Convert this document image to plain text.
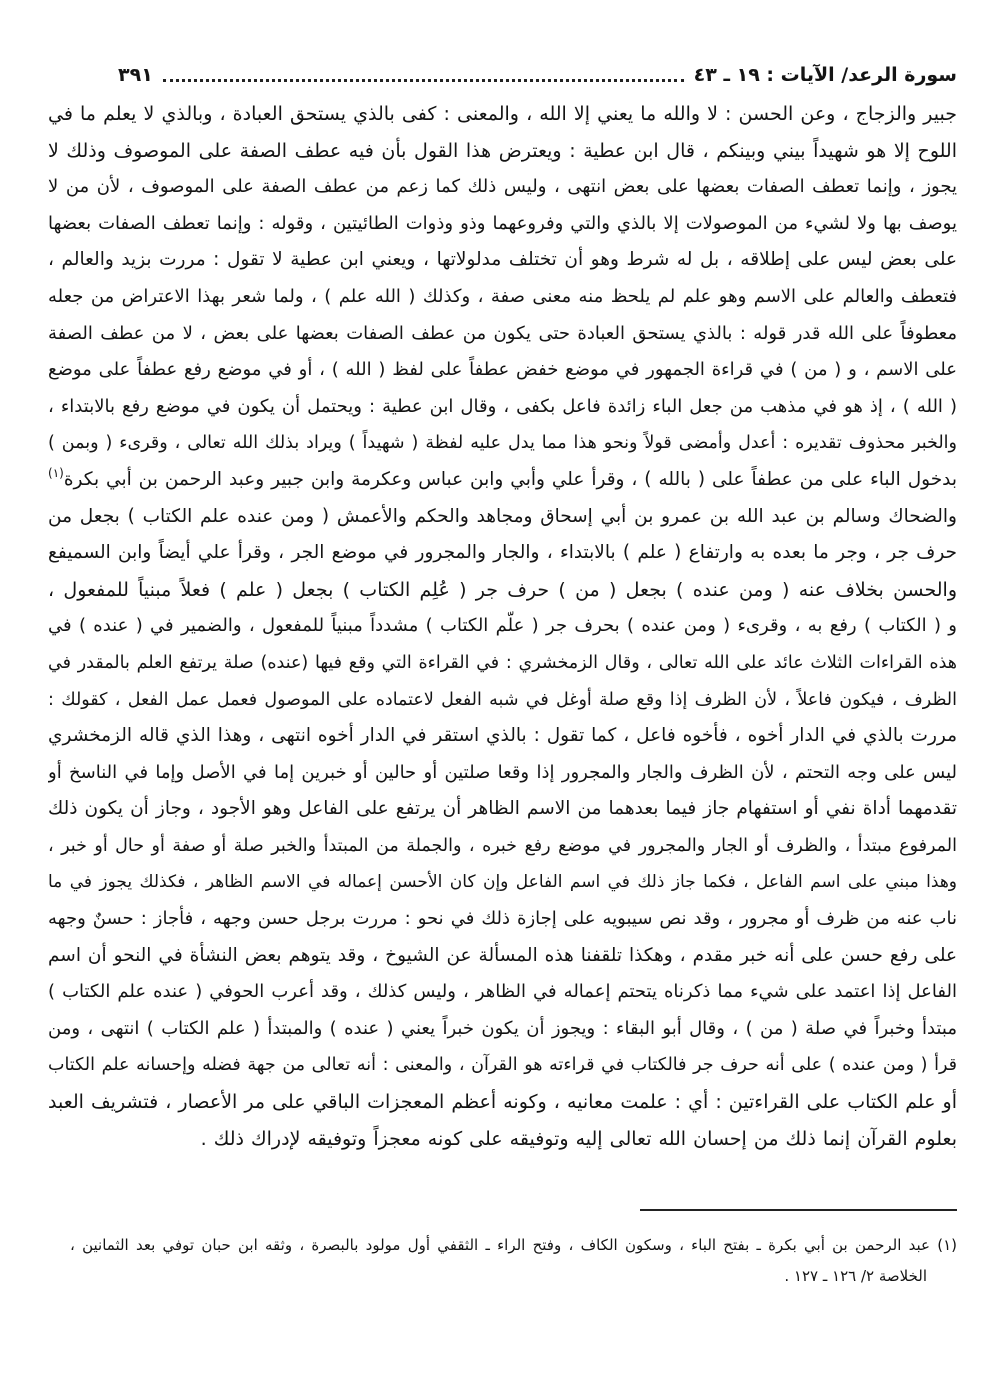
سورة الرعد/ الآيات : ١٩ ـ ٤٣
٣٩١
جبير والزجاج ، وعن الحسن : لا والله ما يعني إلا الله ، والمعنى : كفى بالذي يستحق العبادة ، وبالذي لا يعلم ما في
اللوح إلا هو شهيداً بيني وبينكم ، قال ابن عطية : ويعترض هذا القول بأن فيه عطف الصفة على الموصوف وذلك لا
يجوز ، وإنما تعطف الصفات بعضها على بعض انتهى ، وليس ذلك كما زعم من عطف الصفة على الموصوف ، لأن من لا
يوصف بها ولا لشيء من الموصولات إلا بالذي والتي وفروعهما وذو وذوات الطائيتين ، وقوله : وإنما تعطف الصفات بعضها
على بعض ليس على إطلاقه ، بل له شرط وهو أن تختلف مدلولاتها ، ويعني ابن عطية لا تقول : مررت بزيد والعالم ،
فتعطف والعالم على الاسم وهو علم لم يلحظ منه معنى صفة ، وكذلك ( الله علم ) ، ولما شعر بهذا الاعتراض من جعله
معطوفاً على الله قدر قوله : بالذي يستحق العبادة حتى يكون من عطف الصفات بعضها على بعض ، لا من عطف الصفة
على الاسم ، و ( من ) في قراءة الجمهور في موضع خفض عطفاً على لفظ ( الله ) ، أو في موضع رفع عطفاً على موضع
( الله ) ، إذ هو في مذهب من جعل الباء زائدة فاعل بكفى ، وقال ابن عطية : ويحتمل أن يكون في موضع رفع بالابتداء ،
والخبر محذوف تقديره : أعدل وأمضى قولاً ونحو هذا مما يدل عليه لفظة ( شهيداً ) ويراد بذلك الله تعالى ، وقرىء ( وبمن )
بدخول الباء على من عطفاً على ( بالله ) ، وقرأ علي وأبي وابن عباس وعكرمة وابن جبير وعبد الرحمن بن أبي بكرة$^{(١)}$
والضحاك وسالم بن عبد الله بن عمرو بن أبي إسحاق ومجاهد والحكم والأعمش ( ومن عنده علم الكتاب ) بجعل من
حرف جر ، وجر ما بعده به وارتفاع ( علم ) بالابتداء ، والجار والمجرور في موضع الجر ، وقرأ علي أيضاً وابن السميفع
والحسن بخلاف عنه ( ومن عنده ) بجعل ( من ) حرف جر ( عُلِم الكتاب ) بجعل ( علم ) فعلاً مبنياً للمفعول ،
و ( الكتاب ) رفع به ، وقرىء ( ومن عنده ) بحرف جر ( علّم الكتاب ) مشدداً مبنياً للمفعول ، والضمير في ( عنده ) في
هذه القراءات الثلاث عائد على الله تعالى ، وقال الزمخشري : في القراءة التي وقع فيها (عنده) صلة يرتفع العلم بالمقدر في
الظرف ، فيكون فاعلاً ، لأن الظرف إذا وقع صلة أوغل في شبه الفعل لاعتماده على الموصول فعمل عمل الفعل ، كقولك :
مررت بالذي في الدار أخوه ، فأخوه فاعل ، كما تقول : بالذي استقر في الدار أخوه انتهى ، وهذا الذي قاله الزمخشري
ليس على وجه التحتم ، لأن الظرف والجار والمجرور إذا وقعا صلتين أو حالين أو خبرين إما في الأصل وإما في الناسخ أو
تقدمهما أداة نفي أو استفهام جاز فيما بعدهما من الاسم الظاهر أن يرتفع على الفاعل وهو الأجود ، وجاز أن يكون ذلك
المرفوع مبتدأ ، والظرف أو الجار والمجرور في موضع رفع خبره ، والجملة من المبتدأ والخبر صلة أو صفة أو حال أو خبر ،
وهذا مبني على اسم الفاعل ، فكما جاز ذلك في اسم الفاعل وإن كان الأحسن إعماله في الاسم الظاهر ، فكذلك يجوز في ما
ناب عنه من ظرف أو مجرور ، وقد نص سيبويه على إجازة ذلك في نحو : مررت برجل حسن وجهه ، فأجاز : حسنٌ وجهه
على رفع حسن على أنه خبر مقدم ، وهكذا تلقفنا هذه المسألة عن الشيوخ ، وقد يتوهم بعض النشأة في النحو أن اسم
الفاعل إذا اعتمد على شيء مما ذكرناه يتحتم إعماله في الظاهر ، وليس كذلك ، وقد أعرب الحوفي ( عنده علم الكتاب )
مبتدأ وخبراً في صلة ( من ) ، وقال أبو البقاء : ويجوز أن يكون خبراً يعني ( عنده ) والمبتدأ ( علم الكتاب ) انتهى ، ومن
قرأ ( ومن عنده ) على أنه حرف جر فالكتاب في قراءته هو القرآن ، والمعنى : أنه تعالى من جهة فضله وإحسانه علم الكتاب
أو علم الكتاب على القراءتين : أي : علمت معانيه ، وكونه أعظم المعجزات الباقي على مر الأعصار ، فتشريف العبد
بعلوم القرآن إنما ذلك من إحسان الله تعالى إليه وتوفيقه على كونه معجزاً وتوفيقه لإدراك ذلك .
(١) عبد الرحمن بن أبي بكرة ـ بفتح الباء ، وسكون الكاف ، وفتح الراء ـ الثقفي أول مولود بالبصرة ، وثقه ابن حبان توفي بعد الثمانين ،
الخلاصة ٢/ ١٢٦ ـ ١٢٧ .
